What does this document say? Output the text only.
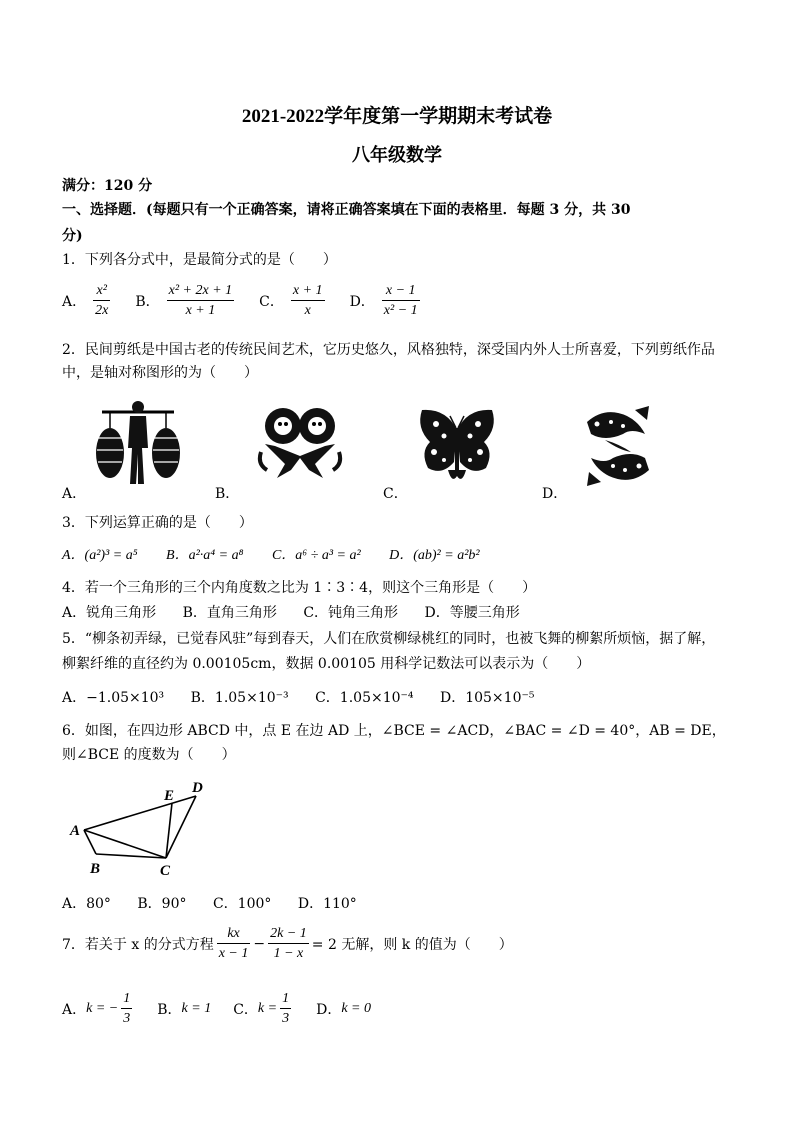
2021-2022学年度第一学期期末考试卷
八年级数学
满分：120 分
一、选择题．(每题只有一个正确答案，请将正确答案填在下面的表格里．每题 3 分，共 30
分)
1．下列各分式中，是最简分式的是（　　）
A． $\frac{\text{x²}}{2x}$ B． $\frac{\text{x² + 2x + 1}}{x + 1}$ C． $\frac{x + 1}{x}$ D． $\frac{x - 1}{\text{x² − 1}}$
2．民间剪纸是中国古老的传统民间艺术，它历史悠久，风格独特，深受国内外人士所喜爱，下列剪纸作品
中，是轴对称图形的为（　　）
A．	B．	C．	D．
3．下列运算正确的是（　　）
A．(a²)³ = a⁵ B．a²·a⁴ = a⁸ C．a⁶ ÷ a³ = a² D．(ab)² = a²b²
4．若一个三角形的三个内角度数之比为 1∶3∶4，则这个三角形是（　　）
A．锐角三角形 B．直角三角形 C．钝角三角形 D．等腰三角形
5．“柳条初弄绿，已觉春风驻”每到春天，人们在欣赏柳绿桃红的同时，也被飞舞的柳絮所烦恼，据了解，
柳絮纤维的直径约为 0.00105cm，数据 0.00105 用科学记数法可以表示为（　　）
A．−1.05×10³ B．1.05×10⁻³ C．1.05×10⁻⁴ D．105×10⁻⁵
6．如图，在四边形 ABCD 中，点 E 在边 AD 上，∠BCE = ∠ACD，∠BAC = ∠D = 40°，AB = DE，
则∠BCE 的度数为（　　）
A
B	C
D
E
A．80° B．90° C．100° D．110°
7．若关于 x 的分式方程 $\frac{kx}{x - 1} - \frac{2k - 1}{1 - x} = 2$ 无解，则 k 的值为（　　）
A． k = − $\frac{1}{3}$ B． k = 1 C． $k = \frac{1}{3}$ D． k = 0
